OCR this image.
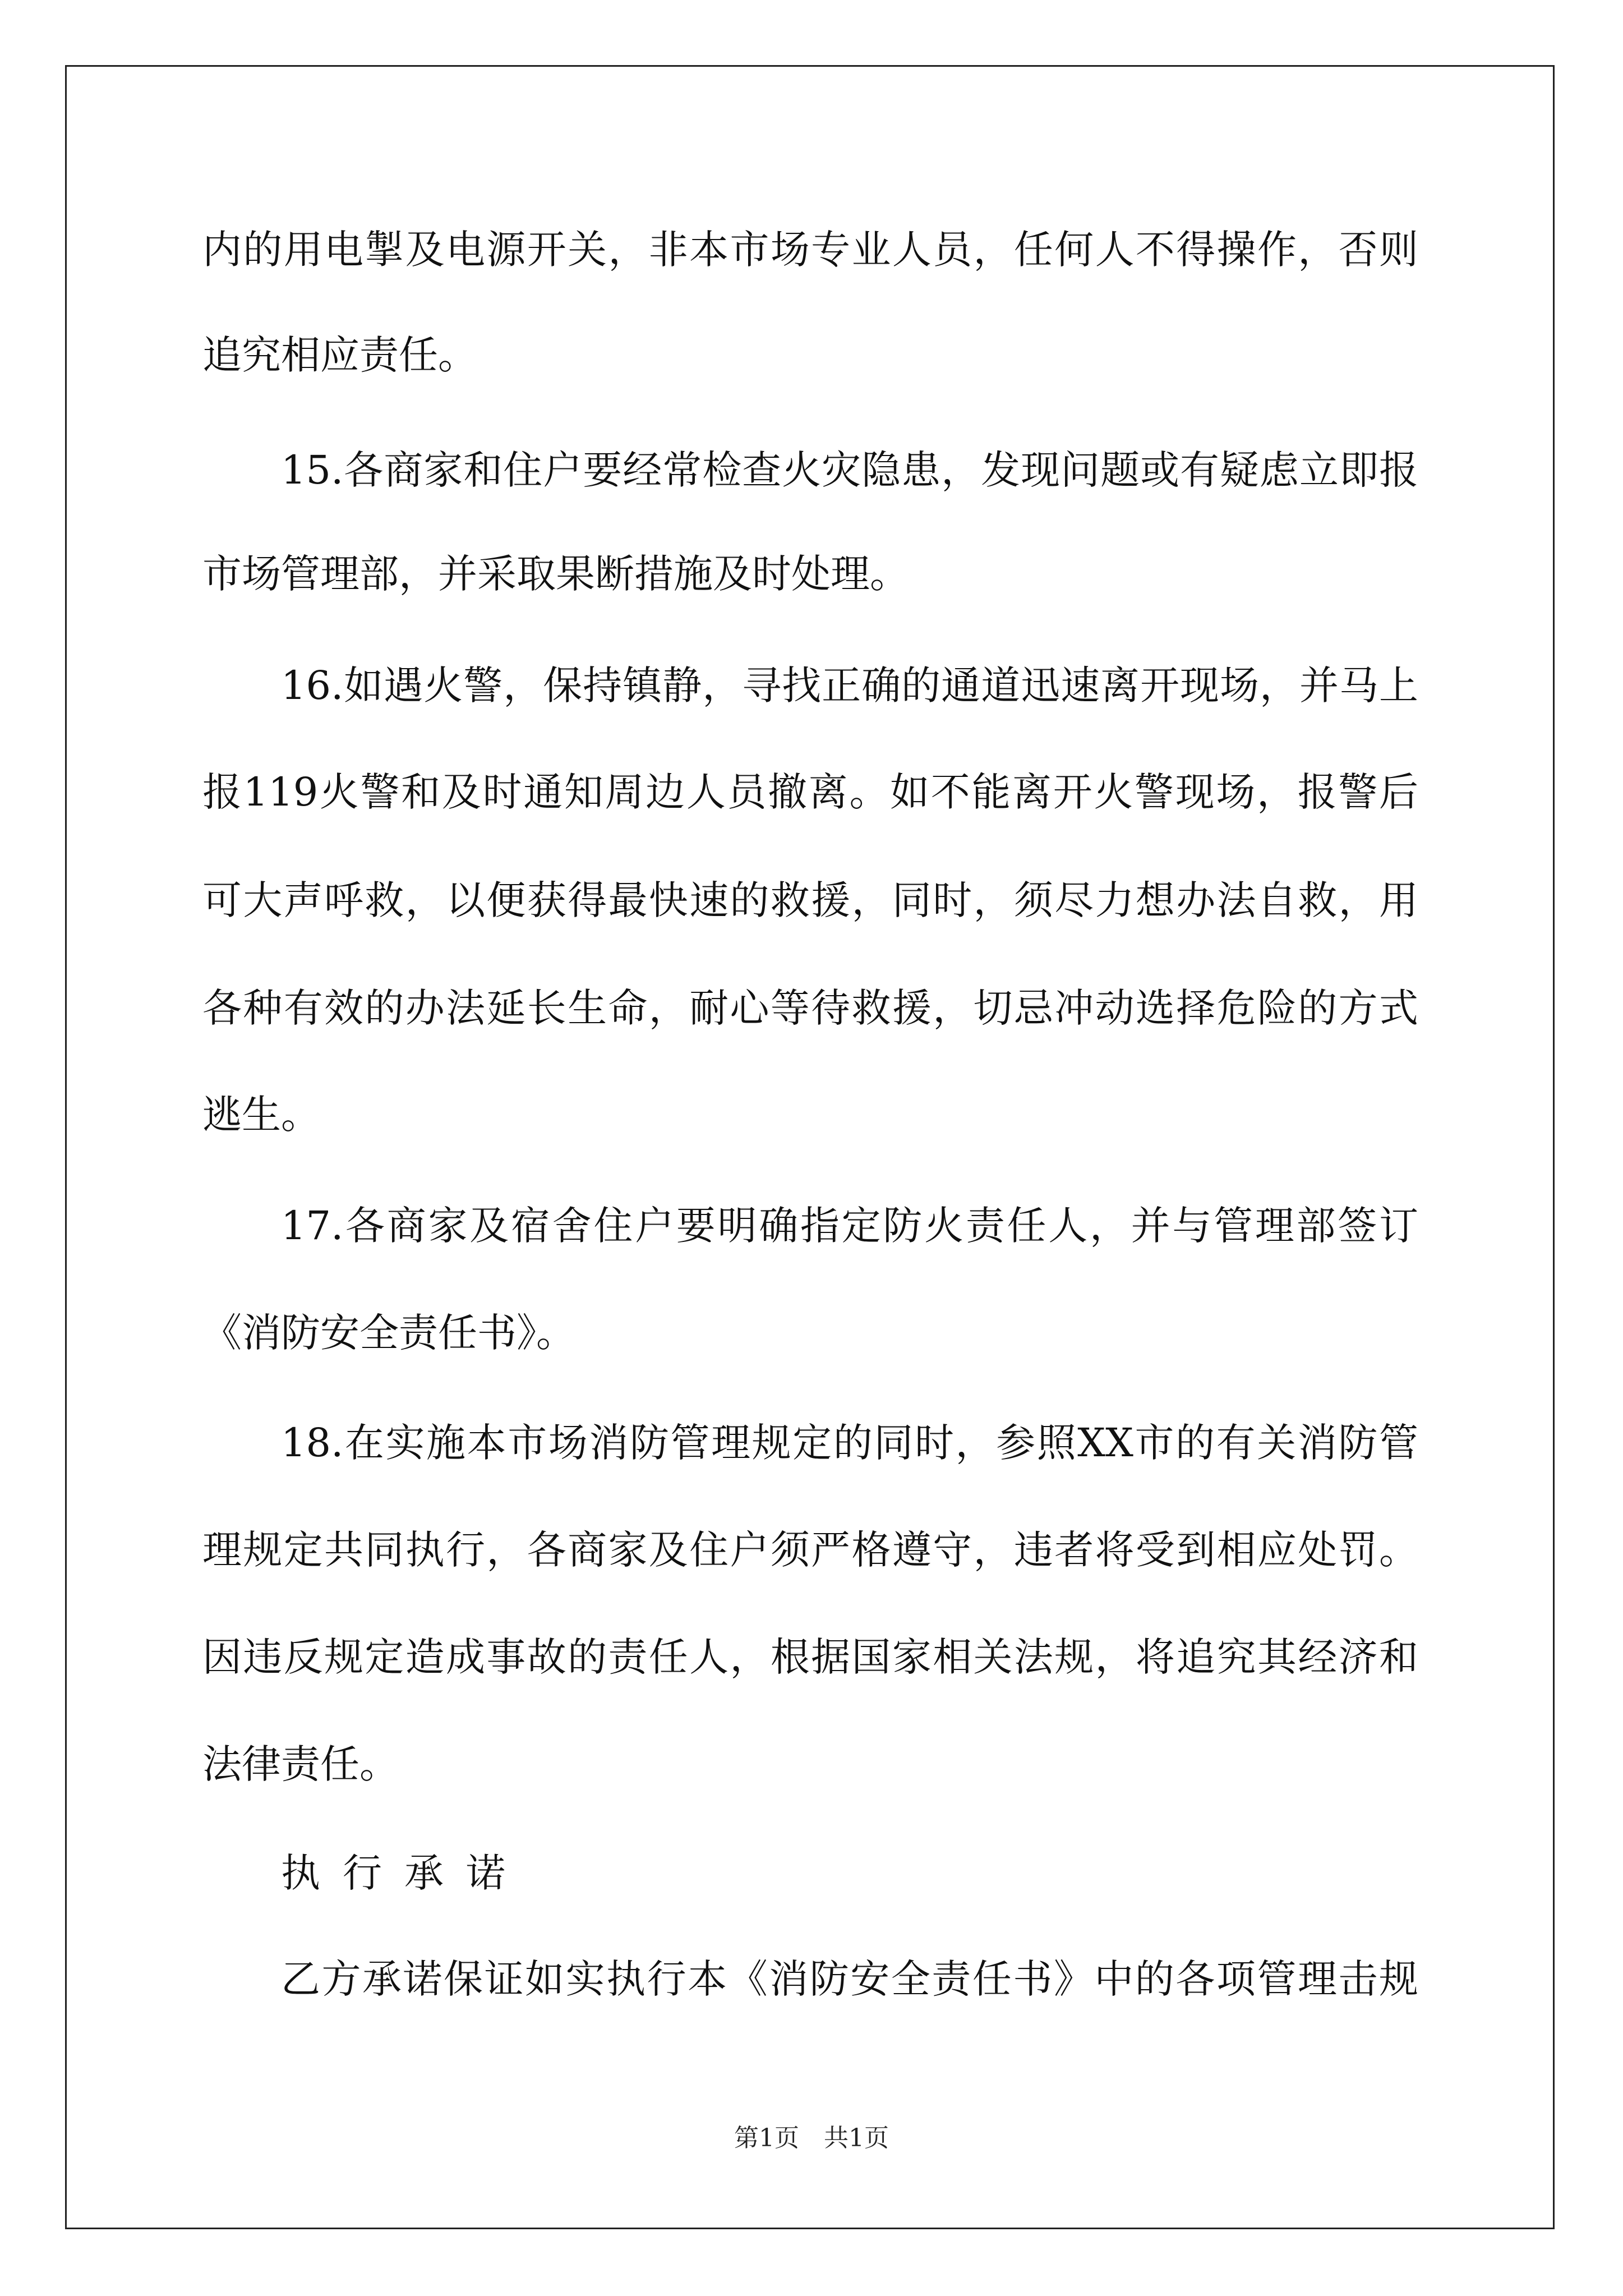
内的用电掣及电源开关，非本市场专业人员，任何人不得操作，否则
追究相应责任。
15.各商家和住户要经常检查火灾隐患，发现问题或有疑虑立即报
市场管理部，并采取果断措施及时处理。
16.如遇火警，保持镇静，寻找正确的通道迅速离开现场，并马上
报119火警和及时通知周边人员撤离。如不能离开火警现场，报警后
可大声呼救，以便获得最快速的救援，同时，须尽力想办法自救，用
各种有效的办法延长生命，耐心等待救援，切忌冲动选择危险的方式
逃生。
17.各商家及宿舍住户要明确指定防火责任人，并与管理部签订
《消防安全责任书》。
18.在实施本市场消防管理规定的同时，参照XX市的有关消防管
理规定共同执行，各商家及住户须严格遵守，违者将受到相应处罚。
因违反规定造成事故的责任人，根据国家相关法规，将追究其经济和
法律责任。
执行承诺
乙方承诺保证如实执行本《消防安全责任书》中的各项管理击规
第1页 共1页
